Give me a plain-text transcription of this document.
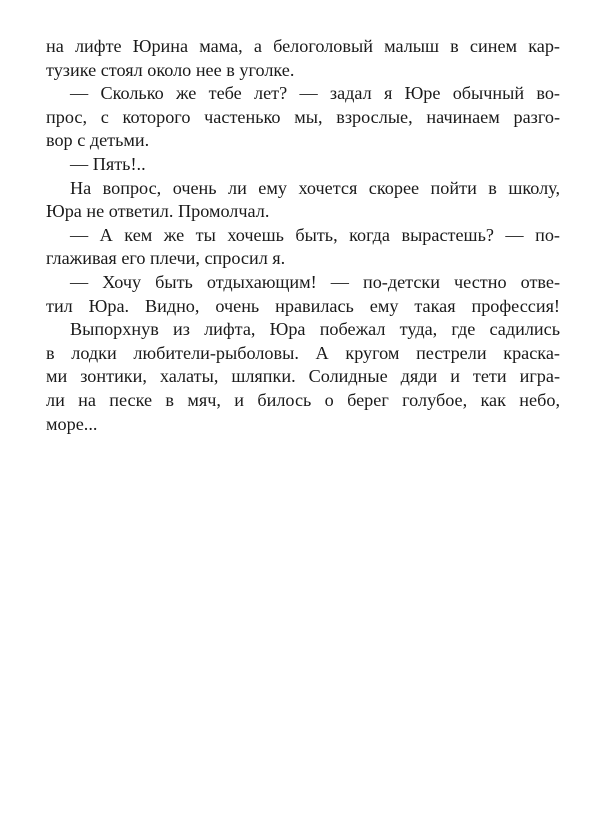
на лифте Юрина мама, а белоголовый малыш в синем кар-
тузике стоял около нее в уголке.
— Сколько же тебе лет? — задал я Юре обычный во-
прос, с которого частенько мы, взрослые, начинаем разго-
вор с детьми.
— Пять!..
На вопрос, очень ли ему хочется скорее пойти в школу,
Юра не ответил. Промолчал.
— А кем же ты хочешь быть, когда вырастешь? — по-
глаживая его плечи, спросил я.
— Хочу быть отдыхающим! — по-детски честно отве-
тил Юра. Видно, очень нравилась ему такая профессия!
Выпорхнув из лифта, Юра побежал туда, где садились
в лодки любители-рыболовы. А кругом пестрели краска-
ми зонтики, халаты, шляпки. Солидные дяди и тети игра-
ли на песке в мяч, и билось о берег голубое, как небо,
море...
